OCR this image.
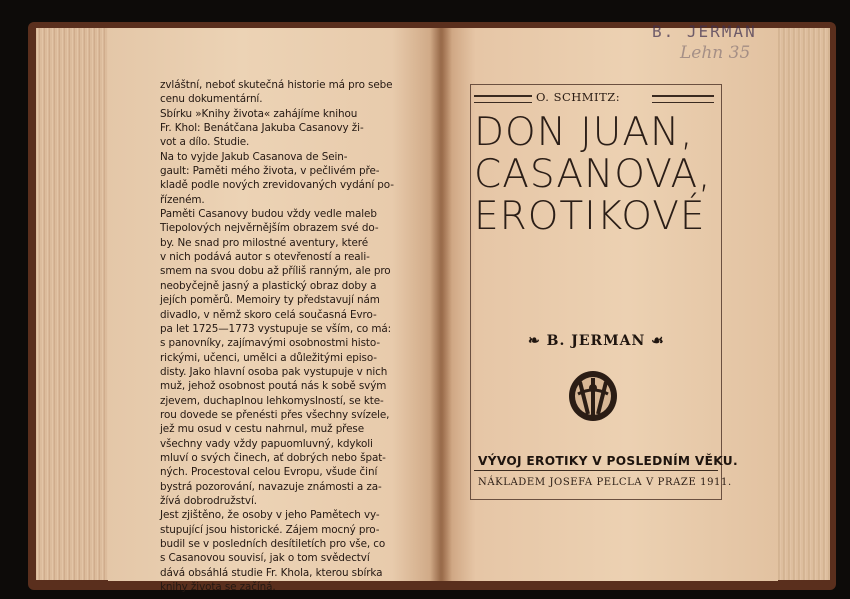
zvláštní, neboť skutečná historie má pro sebe
cenu dokumentární.
Sbírku »Knihy života« zahájíme knihou
Fr. Khol: Benátčana Jakuba Casanovy ži-
vot a dílo. Studie.
Na to vyjde Jakub Casanova de Sein-
gault: Paměti mého života, v pečlivém pře-
kladě podle nových zrevidovaných vydání po-
řízeném.
Paměti Casanovy budou vždy vedle maleb
Tiepolových nejvěrnějším obrazem své do-
by. Ne snad pro milostné aventury, které
v nich podává autor s otevřeností a reali-
smem na svou dobu až příliš ranným, ale pro
neobyčejně jasný a plastický obraz doby a
jejích poměrů. Memoiry ty představují nám
divadlo, v němž skoro celá současná Evro-
pa let 1725—1773 vystupuje se vším, co má:
s panovníky, zajímavými osobnostmi histo-
rickými, učenci, umělci a důležitými episo-
disty. Jako hlavní osoba pak vystupuje v nich
muž, jehož osobnost poutá nás k sobě svým
zjevem, duchaplnou lehkomyslností, se kte-
rou dovede se přenésti přes všechny svízele,
jež mu osud v cestu nahrnul, muž přese
všechny vady vždy papuomluvný, kdykoli
mluví o svých činech, ať dobrých nebo špat-
ných. Procestoval celou Evropu, všude činí
bystrá pozorování, navazuje známosti a za-
žívá dobrodružství.
Jest zjištěno, že osoby v jeho Pamětech vy-
stupující jsou historické. Zájem mocný pro-
budil se v posledních desítiletích pro vše, co
s Casanovou souvisí, jak o tom svědectví
dává obsáhlá studie Fr. Khola, kterou sbírka
knihy života se začíná.
B. JERMAN
Lehn 35
O. SCHMITZ:
DON JUAN,
CASANOVA,
EROTIKOVÉ
❧ B. JERMAN ☙
VÝVOJ EROTIKY V POSLEDNÍM VĚKU.
NÁKLADEM JOSEFA PELCLA V PRAZE 1911.
